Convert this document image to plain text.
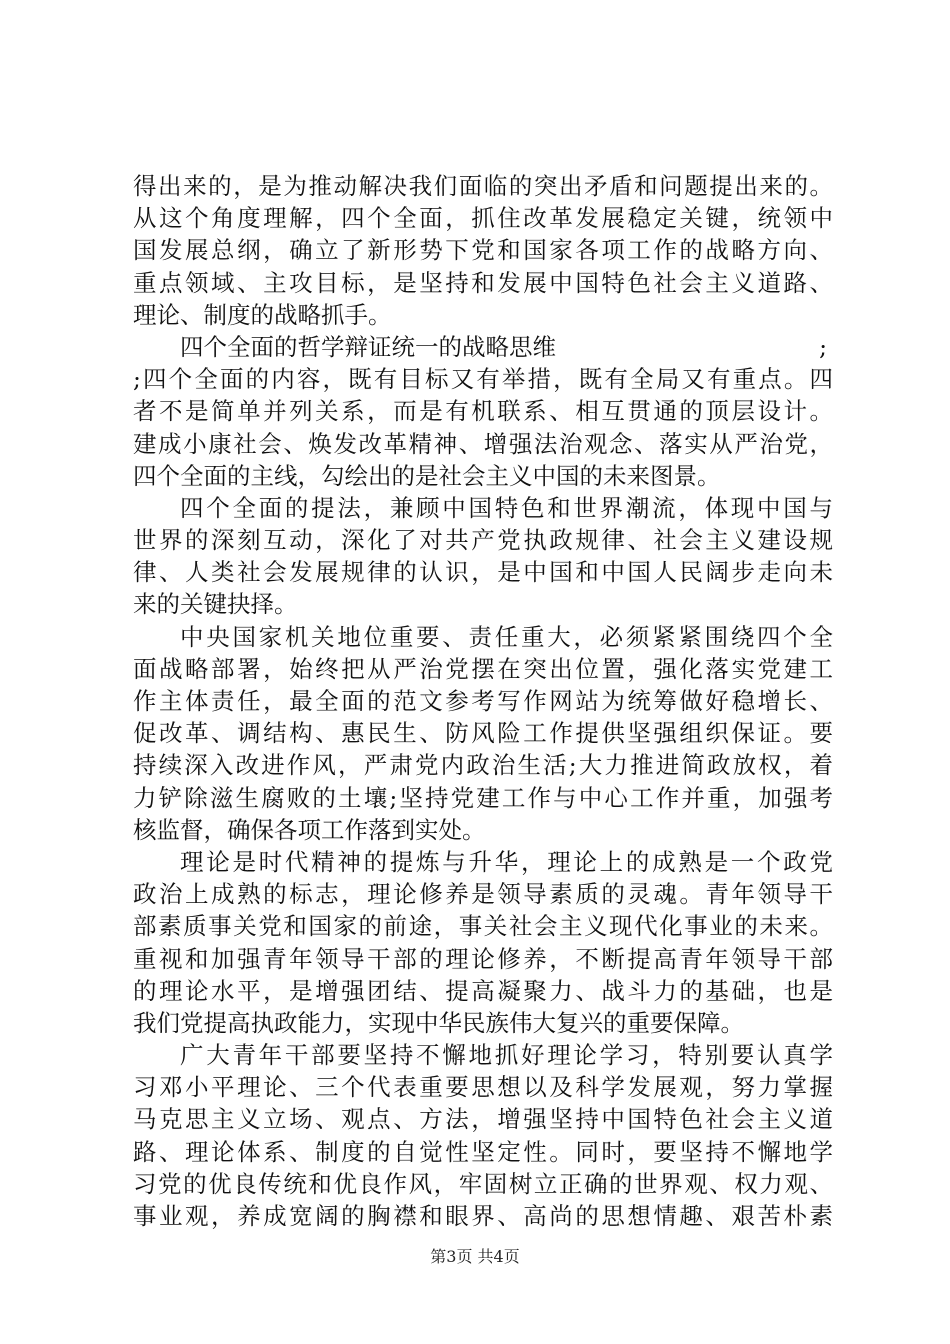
得出来的，是为推动解决我们面临的突出矛盾和问题提出来的。
从这个角度理解，四个全面，抓住改革发展稳定关键，统领中
国发展总纲，确立了新形势下党和国家各项工作的战略方向、
重点领域、主攻目标，是坚持和发展中国特色社会主义道路、
理论、制度的战略抓手。
四个全面的哲学辩证统一的战略思维	;
;四个全面的内容，既有目标又有举措，既有全局又有重点。四
者不是简单并列关系，而是有机联系、相互贯通的顶层设计。
建成小康社会、焕发改革精神、增强法治观念、落实从严治党，
四个全面的主线，勾绘出的是社会主义中国的未来图景。
四个全面的提法，兼顾中国特色和世界潮流，体现中国与
世界的深刻互动，深化了对共产党执政规律、社会主义建设规
律、人类社会发展规律的认识，是中国和中国人民阔步走向未
来的关键抉择。
中央国家机关地位重要、责任重大，必须紧紧围绕四个全
面战略部署，始终把从严治党摆在突出位置，强化落实党建工
作主体责任，最全面的范文参考写作网站为统筹做好稳增长、
促改革、调结构、惠民生、防风险工作提供坚强组织保证。要
持续深入改进作风，严肃党内政治生活;大力推进简政放权，着
力铲除滋生腐败的土壤;坚持党建工作与中心工作并重，加强考
核监督，确保各项工作落到实处。
理论是时代精神的提炼与升华，理论上的成熟是一个政党
政治上成熟的标志，理论修养是领导素质的灵魂。青年领导干
部素质事关党和国家的前途，事关社会主义现代化事业的未来。
重视和加强青年领导干部的理论修养，不断提高青年领导干部
的理论水平，是增强团结、提高凝聚力、战斗力的基础，也是
我们党提高执政能力，实现中华民族伟大复兴的重要保障。
广大青年干部要坚持不懈地抓好理论学习，特别要认真学
习邓小平理论、三个代表重要思想以及科学发展观，努力掌握
马克思主义立场、观点、方法，增强坚持中国特色社会主义道
路、理论体系、制度的自觉性坚定性。同时，要坚持不懈地学
习党的优良传统和优良作风，牢固树立正确的世界观、权力观、
事业观，养成宽阔的胸襟和眼界、高尚的思想情趣、艰苦朴素
第3页 共4页
